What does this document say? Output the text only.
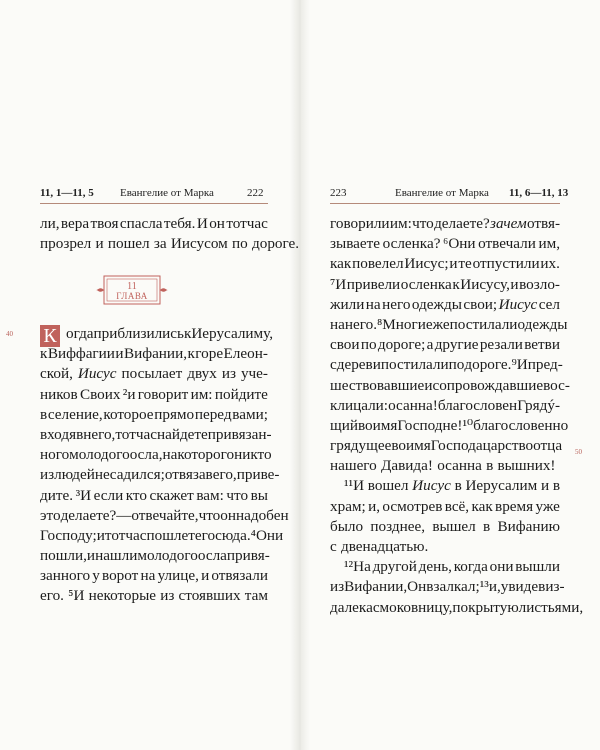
11, 1—11, 5 Евангелие от Марка	222	223	Евангелие от Марка 11, 6—11, 13
ли, вера твоя спасла тебя. И он тотчас
прозрел и пошел за Иисусом по дороге.
11
ГЛАВА
40 К огда приблизились к Иерусалиму,
к Виффагии и Вифании, к горе Елеон-
ской, Иисус посылает двух из уче-
ников Своих ²и говорит им: пойдите
в селение, которое прямо перед вами;
входя в него, тотчас найдете привязан-
ного молодого осла, на которого никто
из людей не садился; отвязав его, приве-
дите. ³И если кто скажет вам: что вы
это делаете?— отвечайте, что он надобен
Господу; и тотчас пошлет его сюда. ⁴Они
пошли, и нашли молодого осла привя-
занного у ворот на улице, и отвязали
его. ⁵И некоторые из стоявших там
говорили им: что делаете? зачем отвя-
зываете осленка? ⁶Они отвечали им,
как повелел Иисус; и те отпустили их.
⁷И привели осленка к Иисусу, и возло-
жили на него одежды свои; Иисус сел
на него. ⁸Многие же постилали одежды
свои по дороге; а другие резали ветви
с дерев и постилали по дороге. ⁹И пред-
шествовавшие и сопровождавшие вос-
клицали: осанна! благословен Грядý-
щий во имя Господне! ¹⁰благословенно
грядущее во имя Господа царство отца
нашего Давида! осанна в вышних!
¹¹И вошел Иисус в Иерусалим и в
храм; и, осмотрев всё, как время уже
было позднее, вышел в Вифанию
с двенадцатью.
¹²На другой день, когда они вышли
из Вифании, Он взалкал; ¹³и, увидев из-
далека смоковницу, покрытую листьями,
50
